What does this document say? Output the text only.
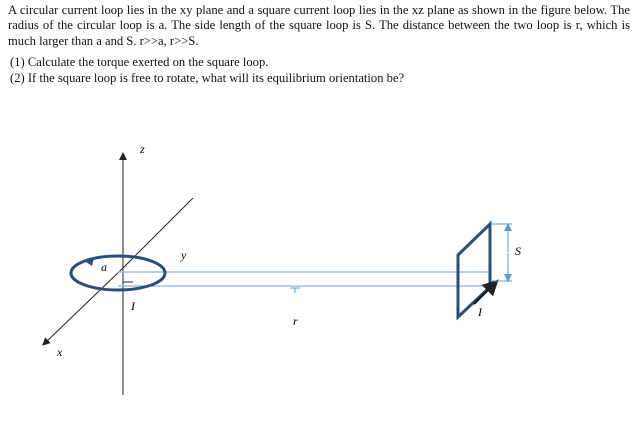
A circular current loop lies in the xy plane and a square current loop lies in the xz plane as shown in the figure below. The radius of the circular loop is a. The side length of the square loop is S. The distance between the two loop is r, which is much larger than a and S. r>>a, r>>S.

(1) Calculate the torque exerted on the square loop.

(2) If the square loop is free to rotate, what will its equilibrium orientation be?

z
y
x
a
I
r
I
S
